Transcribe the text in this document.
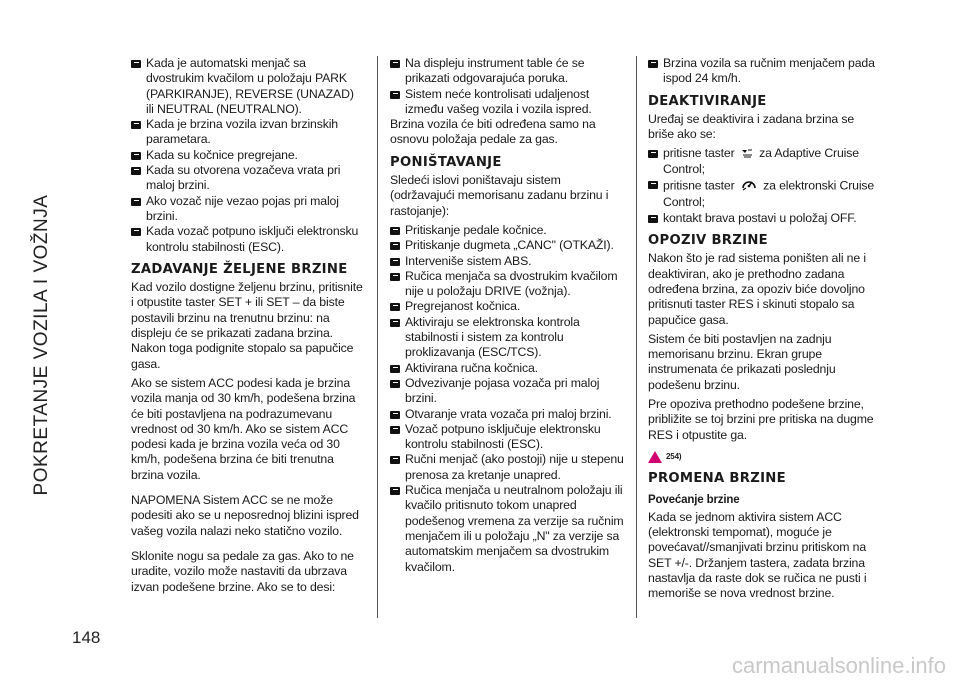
POKRETANJE VOZILA I VOŽNJA
148
carmanualsonline.info

Kada je automatski menjač sa dvostrukim kvačilom u položaju PARK (PARKIRANJE), REVERSE (UNAZAD) ili NEUTRAL (NEUTRALNO).

Kada je brzina vozila izvan brzinskih parametara.

Kada su kočnice pregrejane.

Kada su otvorena vozačeva vrata pri maloj brzini.

Ako vozač nije vezao pojas pri maloj brzini.

Kada vozač potpuno isključi elektronsku kontrolu stabilnosti (ESC).

ZADAVANJE ŽELJENE BRZINE

Kad vozilo dostigne željenu brzinu, pritisnite i otpustite taster SET + ili SET – da biste postavili brzinu na trenutnu brzinu: na displeju će se prikazati zadana brzina. Nakon toga podignite stopalo sa papučice gasa.

Ako se sistem ACC podesi kada je brzina vozila manja od 30 km/h, podešena brzina će biti postavljena na podrazumevanu vrednost od 30 km/h. Ako se sistem ACC podesi kada je brzina vozila veća od 30 km/h, podešena brzina će biti trenutna brzina vozila.

NAPOMENA Sistem ACC se ne može podesiti ako se u neposrednoj blizini ispred vašeg vozila nalazi neko statično vozilo.

Sklonite nogu sa pedale za gas. Ako to ne uradite, vozilo može nastaviti da ubrzava izvan podešene brzine. Ako se to desi:

Na displeju instrument table će se prikazati odgovarajuća poruka.

Sistem neće kontrolisati udaljenost između vašeg vozila i vozila ispred.

Brzina vozila će biti određena samo na osnovu položaja pedale za gas.

PONIŠTAVANJE

Sledeći islovi poništavaju sistem (održavajući memorisanu zadanu brzinu i rastojanje):

Pritiskanje pedale kočnice.

Pritiskanje dugmeta „CANC" (OTKAŽI).

Interveniše sistem ABS.

Ručica menjača sa dvostrukim kvačilom nije u položaju DRIVE (vožnja).

Pregrejanost kočnica.

Aktiviraju se elektronska kontrola stabilnosti i sistem za kontrolu proklizavanja (ESC/TCS).

Aktivirana ručna kočnica.

Odvezivanje pojasa vozača pri maloj brzini.

Otvaranje vrata vozača pri maloj brzini.

Vozač potpuno isključuje elektronsku kontrolu stabilnosti (ESC).

Ručni menjač (ako postoji) nije u stepenu prenosa za kretanje unapred.

Ručica menjača u neutralnom položaju ili kvačilo pritisnuto tokom unapred podešenog vremena za verzije sa ručnim menjačem ili u položaju „N" za verzije sa automatskim menjačem sa dvostrukim kvačilom.

Brzina vozila sa ručnim menjačem pada ispod 24 km/h.

DEAKTIVIRANJE

Uređaj se deaktivira i zadana brzina se briše ako se:

pritisne taster za Adaptive Cruise Control;

pritisne taster za elektronski Cruise Control;

kontakt brava postavi u položaj OFF.

OPOZIV BRZINE

Nakon što je rad sistema poništen ali ne i deaktiviran, ako je prethodno zadana određena brzina, za opoziv biće dovoljno pritisnuti taster RES i skinuti stopalo sa papučice gasa.

Sistem će biti postavljen na zadnju memorisanu brzinu. Ekran grupe instrumenata će prikazati poslednju podešenu brzinu.

Pre opoziva prethodno podešene brzine, približite se toj brzini pre pritiska na dugme RES i otpustite ga.

254)
PROMENA BRZINE
Povećanje brzine

Kada se jednom aktivira sistem ACC (elektronski tempomat), moguće je povećavat//smanjivati brzinu pritiskom na SET +/-. Držanjem tastera, zadata brzina nastavlja da raste dok se ručica ne pusti i memoriše se nova vrednost brzine.
